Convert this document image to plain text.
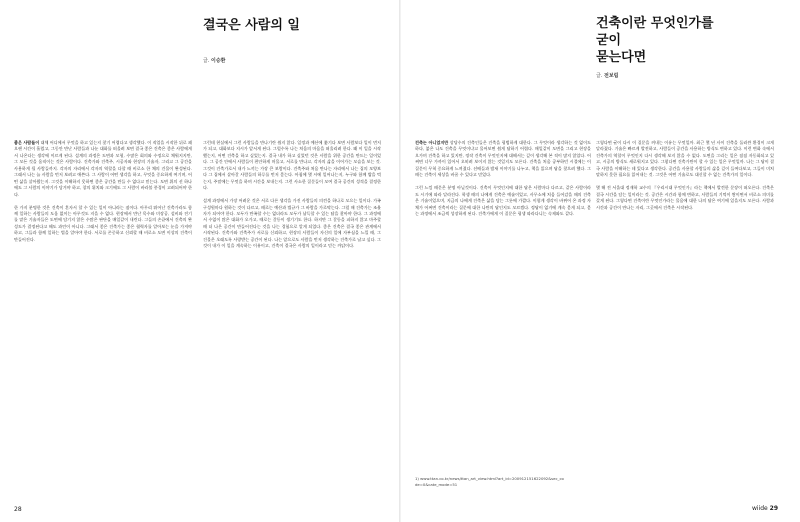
결국은 사람의 일
글. 이승환

좋은 사람들이 대체 어디에서 무엇을 하고 있는지 찾기 어렵다고 생각했다. 이 직업을 시작한 뒤로 꽤 오랜 시간이 흘렀고, 그동안 만난 사람들과 나눈 대화를 떠올려 보면 결국 좋은 건축은 좋은 사람에게서 나온다는 생각에 이르게 된다. 설계의 과정은 도면과 모형, 수많은 회의와 수정으로 채워지지만, 그 모든 것을 움직이는 것은 사람이다. 건축가와 건축주, 시공자와 현장의 기술자, 그리고 그 공간을 사용하게 될 사람들까지. 각자의 자리에서 각자의 역할을 다할 때 비로소 한 채의 건물이 완성된다. 그래서 나는 늘 사람을 먼저 보려고 애쓴다. 그 사람이 어떤 생각을 하고, 무엇을 중요하게 여기며, 어떤 삶을 살아왔는지. 그것을 이해하지 못하면 좋은 공간을 만들 수 없다고 믿는다. 도면 위의 선 하나에도 그 사람의 이야기가 담겨야 하고, 창의 위치와 크기에도 그 사람이 바라볼 풍경이 고려되어야 한다.

한 가지 분명한 것은 건축이 혼자서 할 수 있는 일이 아니라는 점이다. 아무리 뛰어난 건축가라도 함께 일하는 사람들의 도움 없이는 아무것도 지을 수 없다. 현장에서 만난 목수와 미장공, 설비와 전기를 맡은 기술자들은 도면에 담기지 않은 수많은 판단을 매일같이 내린다. 그들의 손끝에서 건축의 완성도가 결정된다고 해도 과언이 아니다. 그래서 좋은 건축가는 좋은 협력자를 알아보는 눈을 가져야 하고, 그들과 함께 일하는 법을 알아야 한다. 서로를 존중하고 신뢰할 때 비로소 도면 이상의 건축이 만들어진다.

그런데 현실에서 그런 사람들을 만나기란 쉽지 않다. 일정과 예산에 쫓기다 보면 사람보다 일이 먼저가 되고, 대화보다 지시가 앞서게 된다. 그럴수록 나는 처음의 마음을 떠올리려 한다. 왜 이 일을 시작했는지, 어떤 건축을 하고 싶었는지. 결국 내가 하고 싶었던 것은 사람을 위한 공간을 만드는 일이었다. 그 공간 안에서 사람들이 편안하게 머물고, 서로를 만나고, 각자의 삶을 이어가는 모습을 보는 것. 그것이 건축가로서 내가 느끼는 가장 큰 보람이다. 건축주와 처음 만나는 자리에서 나는 집의 모양보다 그 집에서 살아갈 사람들의 하루를 먼저 묻는다. 아침에 몇 시에 일어나는지, 누구와 함께 밥을 먹는지, 주말에는 무엇을 하며 시간을 보내는지. 그런 사소한 질문들이 모여 결국 공간의 성격을 결정한다.

설계 과정에서 가장 어려운 것은 서로 다른 생각을 가진 사람들의 의견을 하나로 모으는 일이다. 가족 구성원마다 원하는 것이 다르고, 때로는 예산과 법규가 그 바람을 가로막는다. 그럴 때 건축가는 조율자가 되어야 한다. 모두가 만족할 수는 없더라도 모두가 납득할 수 있는 답을 찾아야 한다. 그 과정에서 수없이 많은 대화가 오가고, 때로는 갈등이 생기기도 한다. 하지만 그 갈등을 피하지 않고 마주할 때 더 나은 공간이 만들어진다는 것을 나는 경험으로 알게 되었다. 좋은 건축은 결국 좋은 관계에서 시작된다. 건축가와 건축주가 서로를 신뢰하고, 현장의 사람들이 자신의 일에 자부심을 느낄 때, 그 건물은 오래도록 사랑받는 공간이 된다. 나는 앞으로도 사람을 먼저 생각하는 건축가로 남고 싶다. 그것이 내가 이 일을 계속하는 이유이고, 건축이 결국은 사람의 일이라고 믿는 까닭이다.

28
건축이란 무엇인가를
굳이
묻는다면
글. 전보림

건축는 아니었지만 상당수의 건축인들은 건축을 평범하게 대한다. 그 무엇이라 생각하는 것 없이도 하다, 붉은 나도 건축을 무엇이냐고 물어보면 쉽게 답하기 어렵다. 매일같이 도면을 그리고 현장을 오가며 건축을 하고 있지만, 정작 건축이 무엇인지에 대해서는 깊이 생각해 본 적이 많지 않았다. 어쩌면 너무 가까이 있어서 오히려 보이지 않는 것일지도 모른다. 건축을 처음 공부하던 시절에는 이 질문이 무척 중요하게 느껴졌다. 선배들과 밤새 이야기를 나누고, 책을 읽으며 답을 찾으려 했다. 그때는 건축이 세상을 바꿀 수 있다고 믿었다.

그런 느낌 때문은 분명 아닐것이다. 건축이 무엇인지에 대한 답은 사람마다 다르고, 같은 사람이라도 시기에 따라 달라진다. 학생 때의 나에게 건축은 예술이었고, 사무소에 처음 들어갔을 때의 건축은 기술이었으며, 지금의 나에게 건축은 삶을 담는 그릇에 가깝다. 이렇게 생각이 바뀌어 온 과정 자체가 어쩌면 건축이라는 질문에 대한 나만의 답인지도 모르겠다. 정답이 없기에 계속 묻게 되고, 묻는 과정에서 조금씩 성장하게 된다. 건축가에게 이 질문은 평생 따라다니는 숙제와도 같다.

1) www.ttan.co.kr/news/ttan_art_view.html?art_id=200912151622092&sec_code=0&cate_mode=51

그렇다면 굳이 다시 이 질문을 꺼내는 이유는 무엇일까. 최근 몇 년 사이 건축을 둘러싼 환경이 크게 달라졌다. 기술은 빠르게 발전하고, 사람들이 공간을 사용하는 방식도 변하고 있다. 이런 변화 속에서 건축가의 역할이 무엇인지 다시 생각해 보지 않을 수 없다. 도면을 그리는 일은 점점 자동화되고 있고, 시공의 방식도 새로워지고 있다. 그렇다면 건축가만이 할 수 있는 일은 무엇일까. 나는 그 답이 결국 사람을 이해하는 데 있다고 생각한다. 공간을 사용할 사람들의 삶을 깊이 들여다보고, 그들이 미처 말하지 못한 필요를 읽어내는 것. 그것은 어떤 기술로도 대신할 수 없는 건축가의 일이다.

몇 해 전 서울대 정재학 교수의 『우리시대 무엇인가』라는 책에서 발견한 문장이 떠오른다. 건축은 결국 시간을 담는 일이라는 것. 공간은 시간과 함께 변하고, 사람들의 기억이 쌓이면서 비로소 의미를 갖게 된다. 그렇다면 건축이란 무엇인가라는 물음에 대한 나의 답은 여기에 있을지도 모른다. 사람과 시간과 공간이 만나는 자리, 그곳에서 건축은 시작된다.

wiide 29
